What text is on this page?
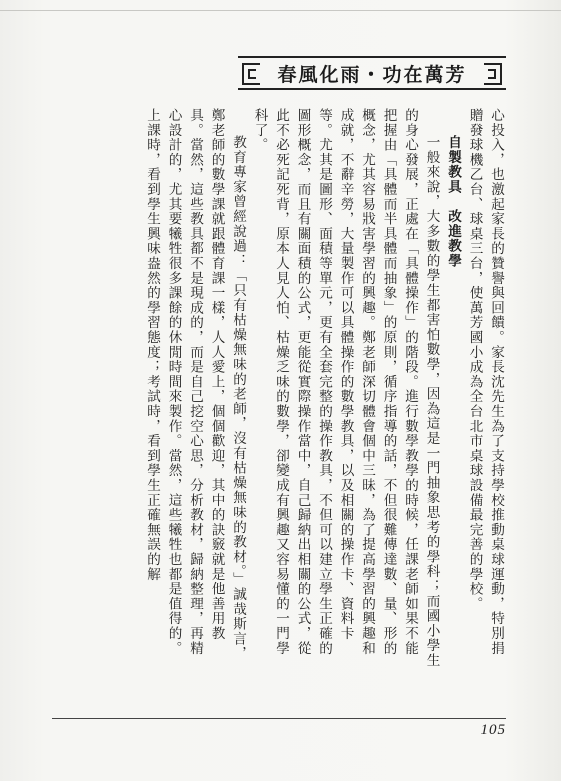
春風化雨・功在萬芳

心投入，也激起家長的贊譽與回饋。家長沈先生為了支持學校推動桌球運動，特別捐贈發球機乙台、球桌三台，使萬芳國小成為全台北市桌球設備最完善的學校。

自製教具　改進教學

一般來說，大多數的學生都害怕數學，因為這是一門抽象思考的學科；而國小學生的身心發展，正處在「具體操作」的階段。進行數學教學的時候，任課老師如果不能把握由「具體而半具體而抽象」的原則，循序指導的話，不但很難傳達數、量、形的概念，尤其容易戕害學習的興趣。鄭老師深切體會個中三昧，為了提高學習的興趣和成就，不辭辛勞，大量製作可以具體操作的數學教具，以及相關的操作卡、資料卡等。尤其是圖形、面積等單元，更有全套完整的操作教具，不但可以建立學生正確的圖形概念，而且有關面積的公式，更能從實際操作當中，自己歸納出相關的公式，從此不必死記死背，原本人見人怕、枯燥乏味的數學，卻變成有興趣又容易懂的一門學科了。

教育專家曾經說過：「只有枯燥無味的老師，沒有枯燥無味的教材。」誠哉斯言，鄭老師的數學課就跟體育課一樣，人人愛上，個個歡迎，其中的訣竅就是他善用教具。當然，這些教具都不是現成的，而是自己挖空心思，分析教材，歸納整理，再精心設計的，尤其要犧牲很多課餘的休閒時間來製作。當然，這些犧牲也都是值得的。上課時，看到學生興味盎然的學習態度；考試時，看到學生正確無誤的解

105
